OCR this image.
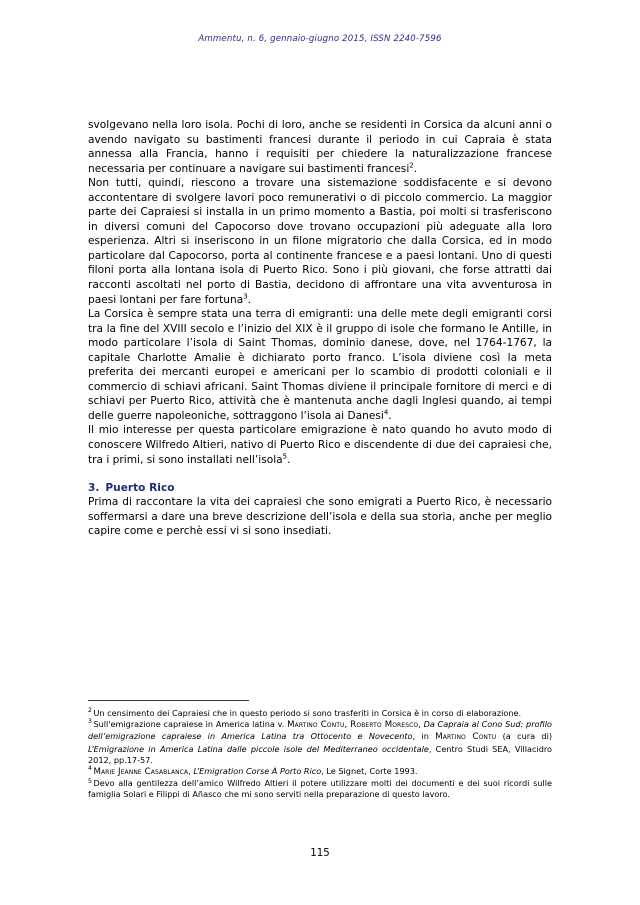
Ammentu, n. 6, gennaio-giugno 2015, ISSN 2240-7596

svolgevano nella loro isola. Pochi di loro, anche se residenti in Corsica da alcuni anni o avendo navigato su bastimenti francesi durante il periodo in cui Capraia è stata annessa alla Francia, hanno i requisiti per chiedere la naturalizzazione francese necessaria per continuare a navigare sui bastimenti francesi$^2$.

Non tutti, quindi, riescono a trovare una sistemazione soddisfacente e si devono accontentare di svolgere lavori poco remunerativi o di piccolo commercio. La maggior parte dei Capraiesi si installa in un primo momento a Bastia, poi molti si trasferiscono in diversi comuni del Capocorso dove trovano occupazioni più adeguate alla loro esperienza. Altri si inseriscono in un filone migratorio che dalla Corsica, ed in modo particolare dal Capocorso, porta al continente francese e a paesi lontani. Uno di questi filoni porta alla lontana isola di Puerto Rico. Sono i più giovani, che forse attratti dai racconti ascoltati nel porto di Bastia, decidono di affrontare una vita avventurosa in paesi lontani per fare fortuna$^3$.

La Corsica è sempre stata una terra di emigranti: una delle mete degli emigranti corsi tra la fine del XVIII secolo e l’inizio del XIX è il gruppo di isole che formano le Antille, in modo particolare l’isola di Saint Thomas, dominio danese, dove, nel 1764-1767, la capitale Charlotte Amalie è dichiarato porto franco. L’isola diviene così la meta preferita dei mercanti europei e americani per lo scambio di prodotti coloniali e il commercio di schiavi africani. Saint Thomas diviene il principale fornitore di merci e di schiavi per Puerto Rico, attività che è mantenuta anche dagli Inglesi quando, ai tempi delle guerre napoleoniche, sottraggono l’isola ai Danesi$^4$.

Il mio interesse per questa particolare emigrazione è nato quando ho avuto modo di conoscere Wilfredo Altieri, nativo di Puerto Rico e discendente di due dei capraiesi che, tra i primi, si sono installati nell’isola$^5$.

3. Puerto Rico

Prima di raccontare la vita dei capraiesi che sono emigrati a Puerto Rico, è necessario soffermarsi a dare una breve descrizione dell’isola e della sua storia, anche per meglio capire come e perchè essi vi si sono insediati.

$^2$ Un censimento dei Capraiesi che in questo periodo si sono trasferiti in Corsica è in corso di elaborazione.

$^3$ Sull'emigrazione capraiese in America latina v. Martino Contu, Roberto Moresco, Da Capraia al Cono Sud: profilo dell’emigrazione capraiese in America Latina tra Ottocento e Novecento, in Martino Contu (a cura di) L’Emigrazione in America Latina dalle piccole isole del Mediterraneo occidentale, Centro Studi SEA, Villacidro 2012, pp.17-57.

$^4$ Marie Jeanne Casablanca, L’Emigration Corse À Porto Rico, Le Signet, Corte 1993.

$^5$ Devo alla gentilezza dell’amico Wilfredo Altieri il potere utilizzare molti dei documenti e dei suoi ricordi sulle famiglia Solari e Filippi di Añasco che mi sono serviti nella preparazione di questo lavoro.

115
